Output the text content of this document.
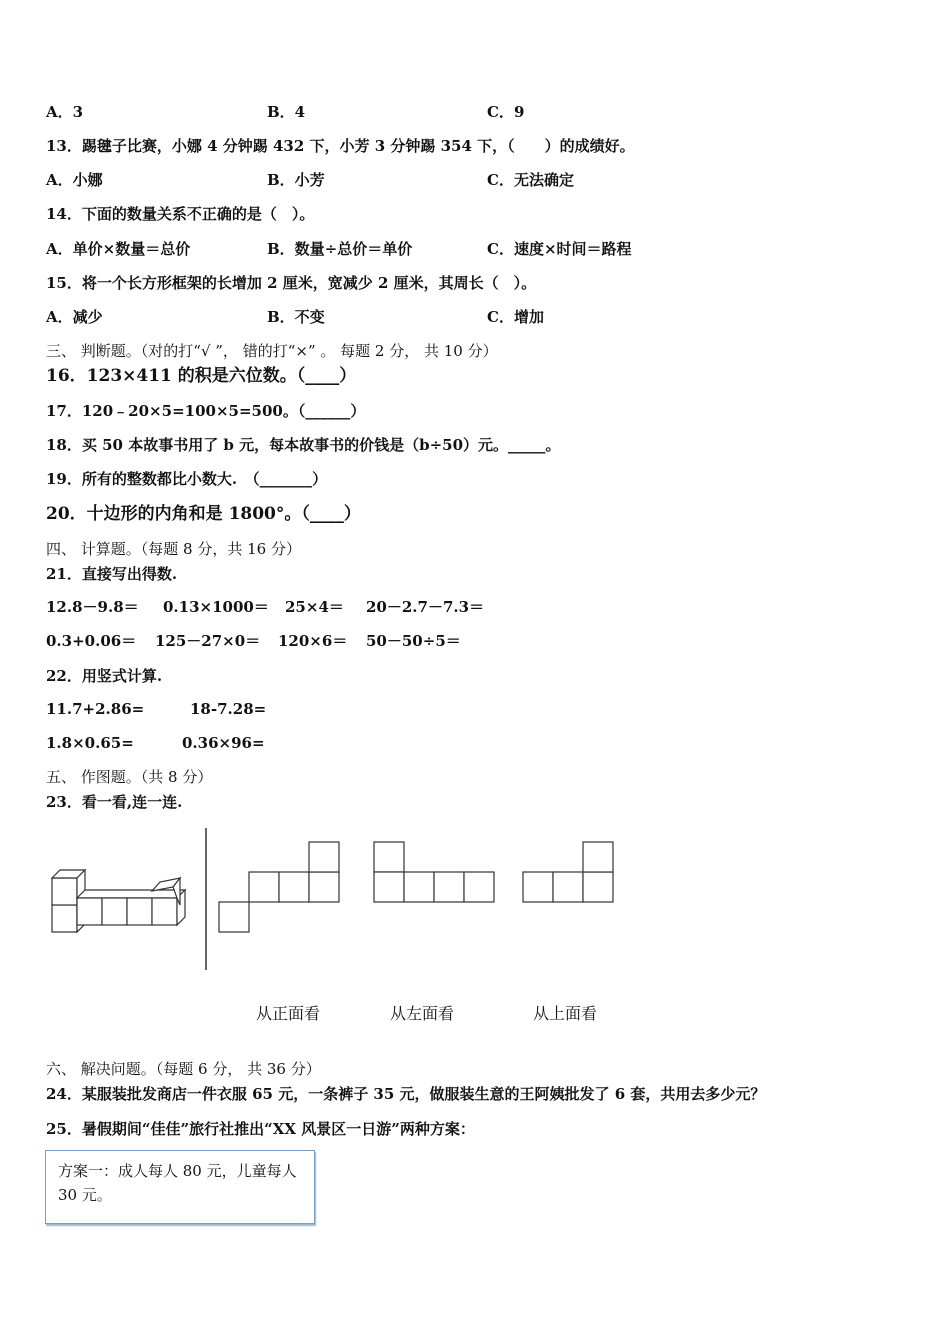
A．3	B．4	C．9
13．踢毽子比赛，小娜 4 分钟踢 432 下，小芳 3 分钟踢 354 下，（　　）的成绩好。
A．小娜	B．小芳	C．无法确定
14．下面的数量关系不正确的是（　）。
A．单价×数量＝总价	B．数量÷总价＝单价	C．速度×时间＝路程
15．将一个长方形框架的长增加 2 厘米，宽减少 2 厘米，其周长（　）。
A．减少	B．不变	C．增加
三、 判断题。（对的打“√ ”， 错的打“×” 。 每题 2 分， 共 10 分）
16．123×411 的积是六位数。（____）
17．120﹣20×5=100×5=500。（______）
18．买 50 本故事书用了 b 元，每本故事书的价钱是（b÷50）元。_____。
19．所有的整数都比小数大.　（_______）
20．十边形的内角和是 1800°。（____）
四、 计算题。（每题 8 分，共 16 分）
21．直接写出得数.
12.8－9.8＝ 0.13×1000＝ 25×4＝ 20－2.7－7.3＝
0.3+0.06＝ 125－27×0＝ 120×6＝ 50－50÷5＝
22．用竖式计算.
11.7+2.86=	18-7.28=
1.8×0.65=	0.36×96=
五、 作图题。（共 8 分）
23．看一看,连一连.
从正面看	从左面看	从上面看
六、 解决问题。（每题 6 分， 共 36 分）
24．某服装批发商店一件衣服 65 元，一条裤子 35 元，做服装生意的王阿姨批发了 6 套，共用去多少元？
25．暑假期间“佳佳”旅行社推出“XX 风景区一日游”两种方案：
方案一：成人每人 80 元，儿童每人 30 元。
